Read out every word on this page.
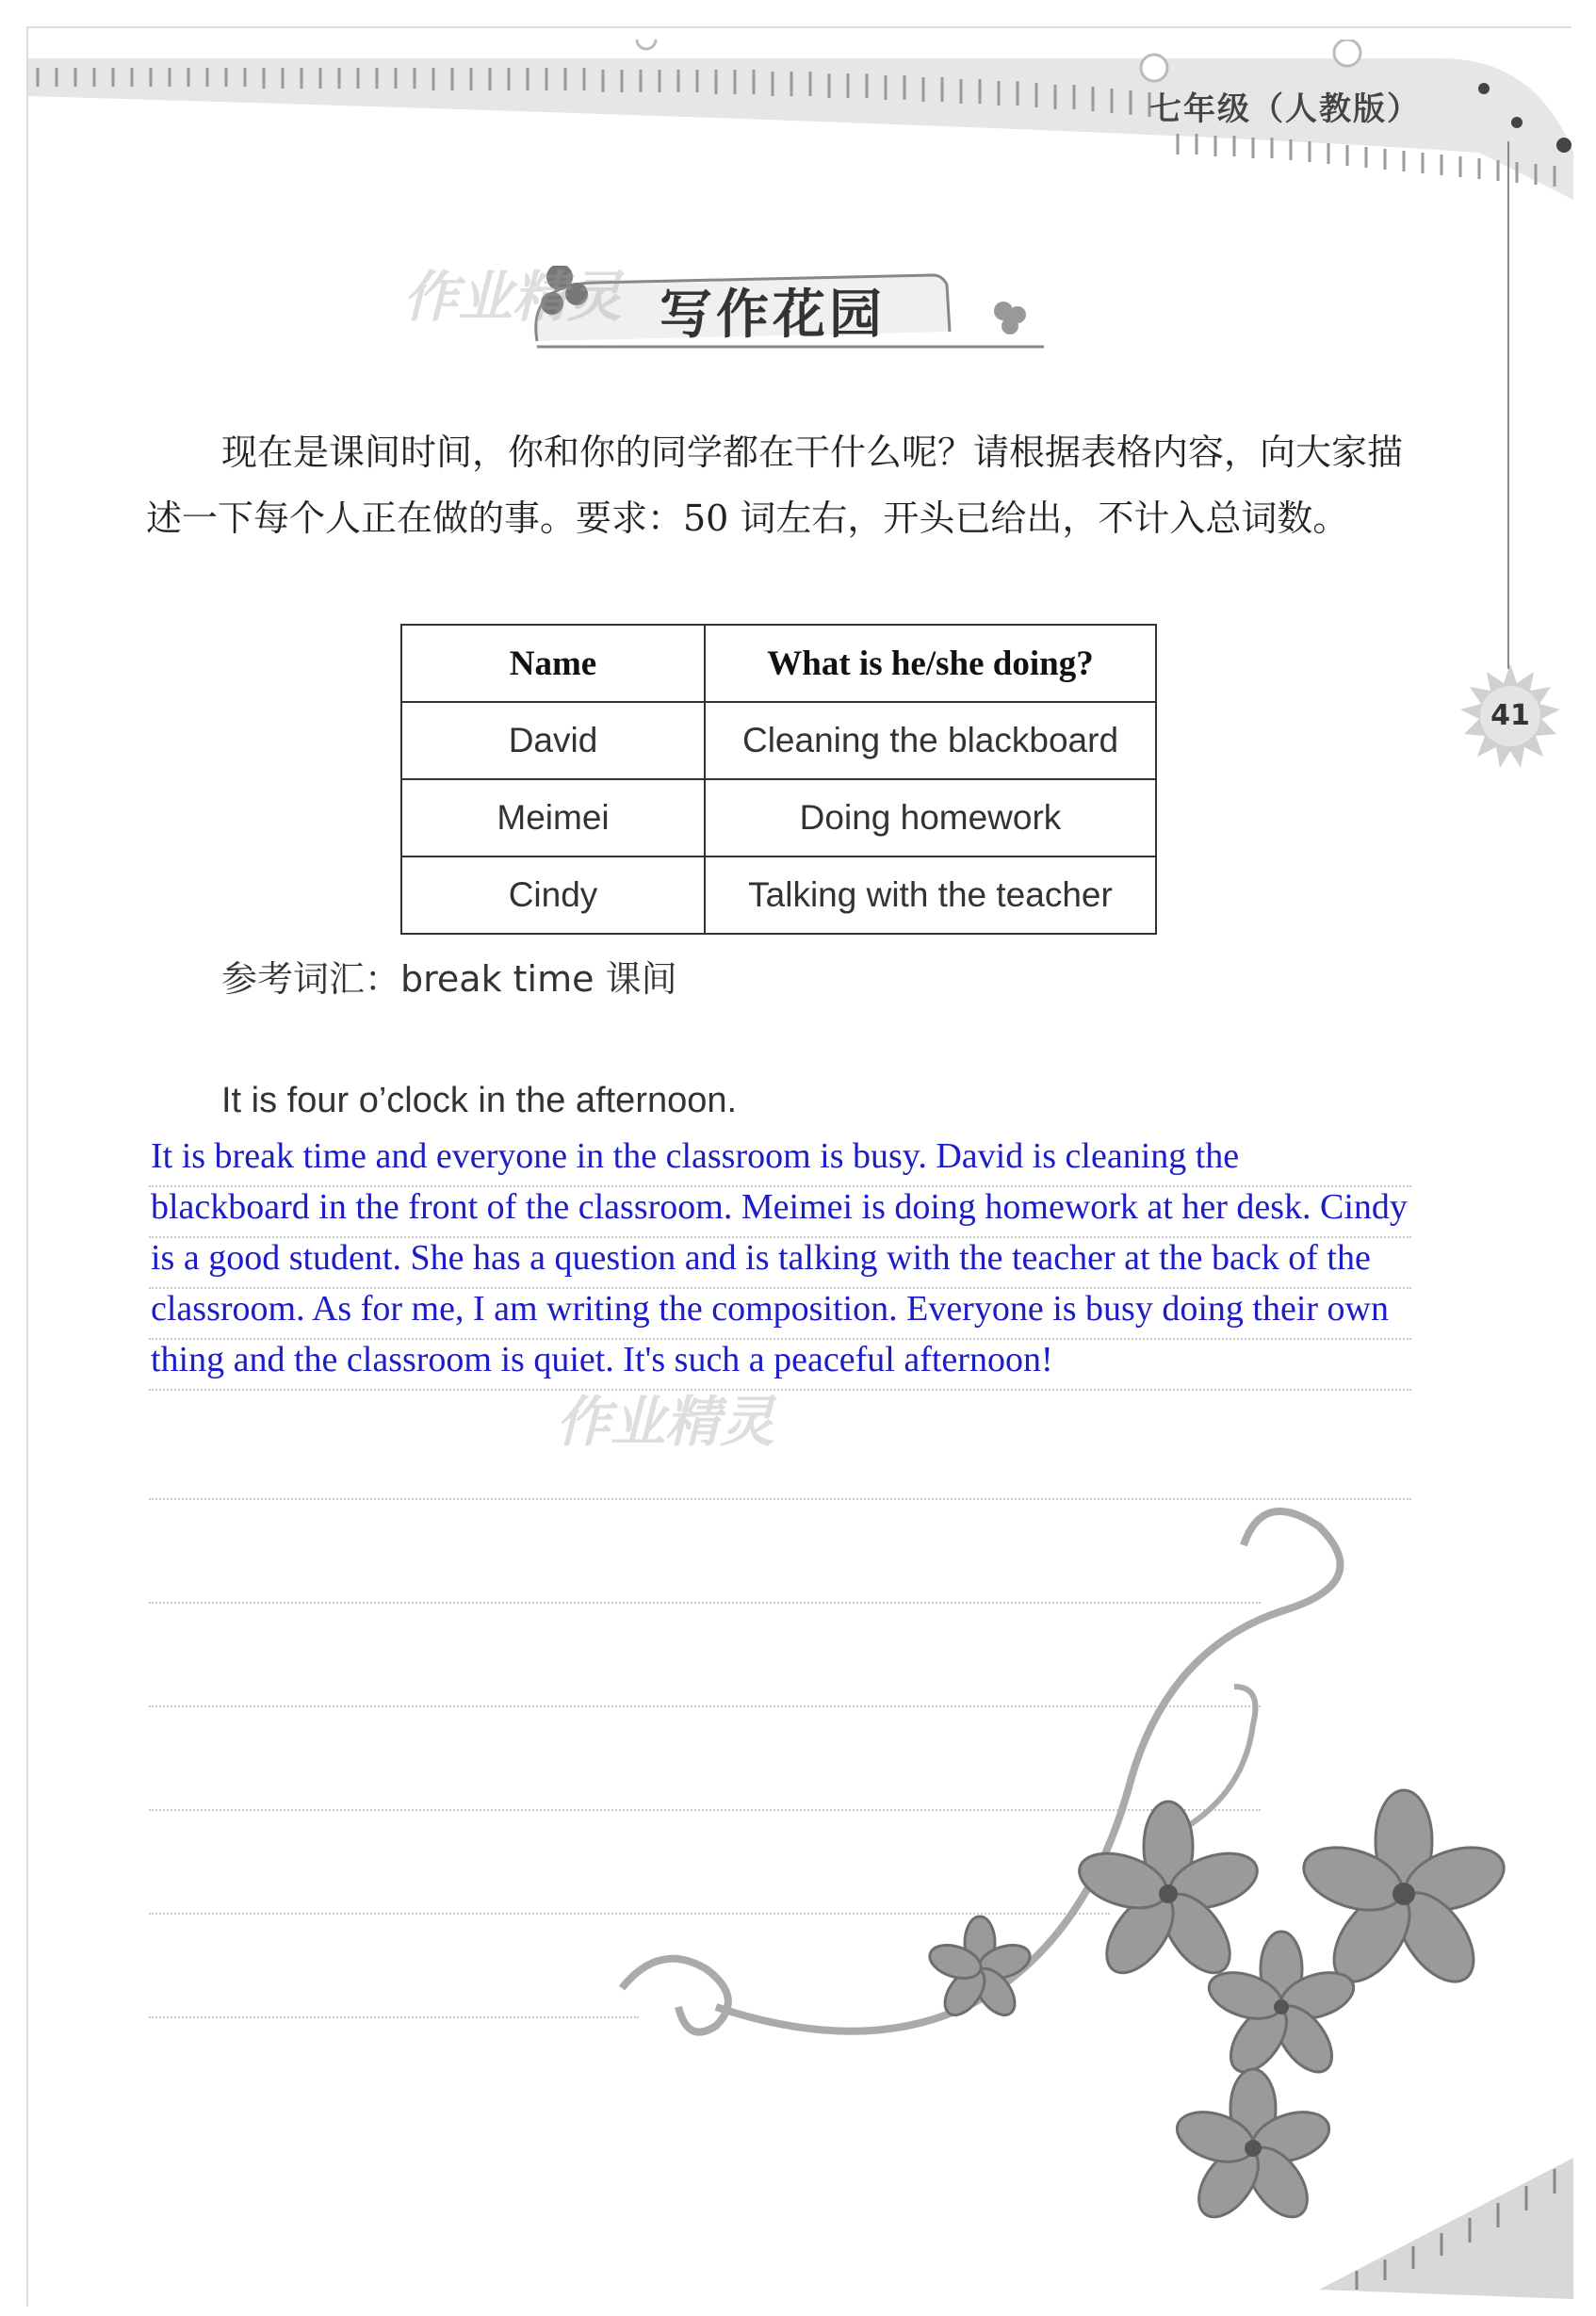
七年级（人教版）
41
作业精灵 写作花园
现在是课间时间，你和你的同学都在干什么呢？请根据表格内容，向大家描述一下每个人正在做的事。要求：50 词左右，开头已给出，不计入总词数。
Name	What is he/she doing?
David	Cleaning the blackboard
Meimei	Doing homework
Cindy	Talking with the teacher
参考词汇：break time 课间
It is four o’clock in the afternoon.
It is break time and everyone in the classroom is busy. David is cleaning the
blackboard in the front of the classroom. Meimei is doing homework at her desk. Cindy
is a good student. She has a question and is talking with the teacher at the back of the
classroom. As for me, I am writing the composition. Everyone is busy doing their own
thing and the classroom is quiet. It's such a peaceful afternoon!
作业精灵
